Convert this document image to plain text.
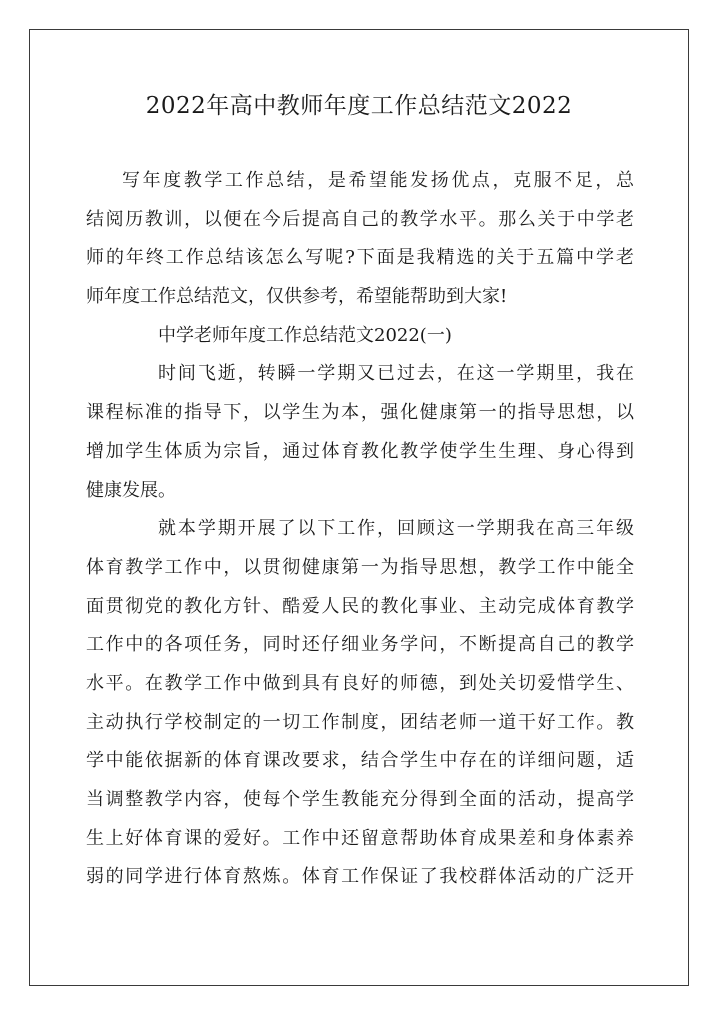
2022年高中教师年度工作总结范文2022
写年度教学工作总结，是希望能发扬优点，克服不足，总
结阅历教训，以便在今后提高自己的教学水平。那么关于中学老
师的年终工作总结该怎么写呢?下面是我精选的关于五篇中学老
师年度工作总结范文，仅供参考，希望能帮助到大家!
中学老师年度工作总结范文2022(一)
时间飞逝，转瞬一学期又已过去，在这一学期里，我在
课程标准的指导下，以学生为本，强化健康第一的指导思想，以
增加学生体质为宗旨，通过体育教化教学使学生生理、身心得到
健康发展。
就本学期开展了以下工作，回顾这一学期我在高三年级
体育教学工作中，以贯彻健康第一为指导思想，教学工作中能全
面贯彻党的教化方针、酷爱人民的教化事业、主动完成体育教学
工作中的各项任务，同时还仔细业务学问，不断提高自己的教学
水平。在教学工作中做到具有良好的师德，到处关切爱惜学生、
主动执行学校制定的一切工作制度，团结老师一道干好工作。教
学中能依据新的体育课改要求，结合学生中存在的详细问题，适
当调整教学内容，使每个学生教能充分得到全面的活动，提高学
生上好体育课的爱好。工作中还留意帮助体育成果差和身体素养
弱的同学进行体育熬炼。体育工作保证了我校群体活动的广泛开
